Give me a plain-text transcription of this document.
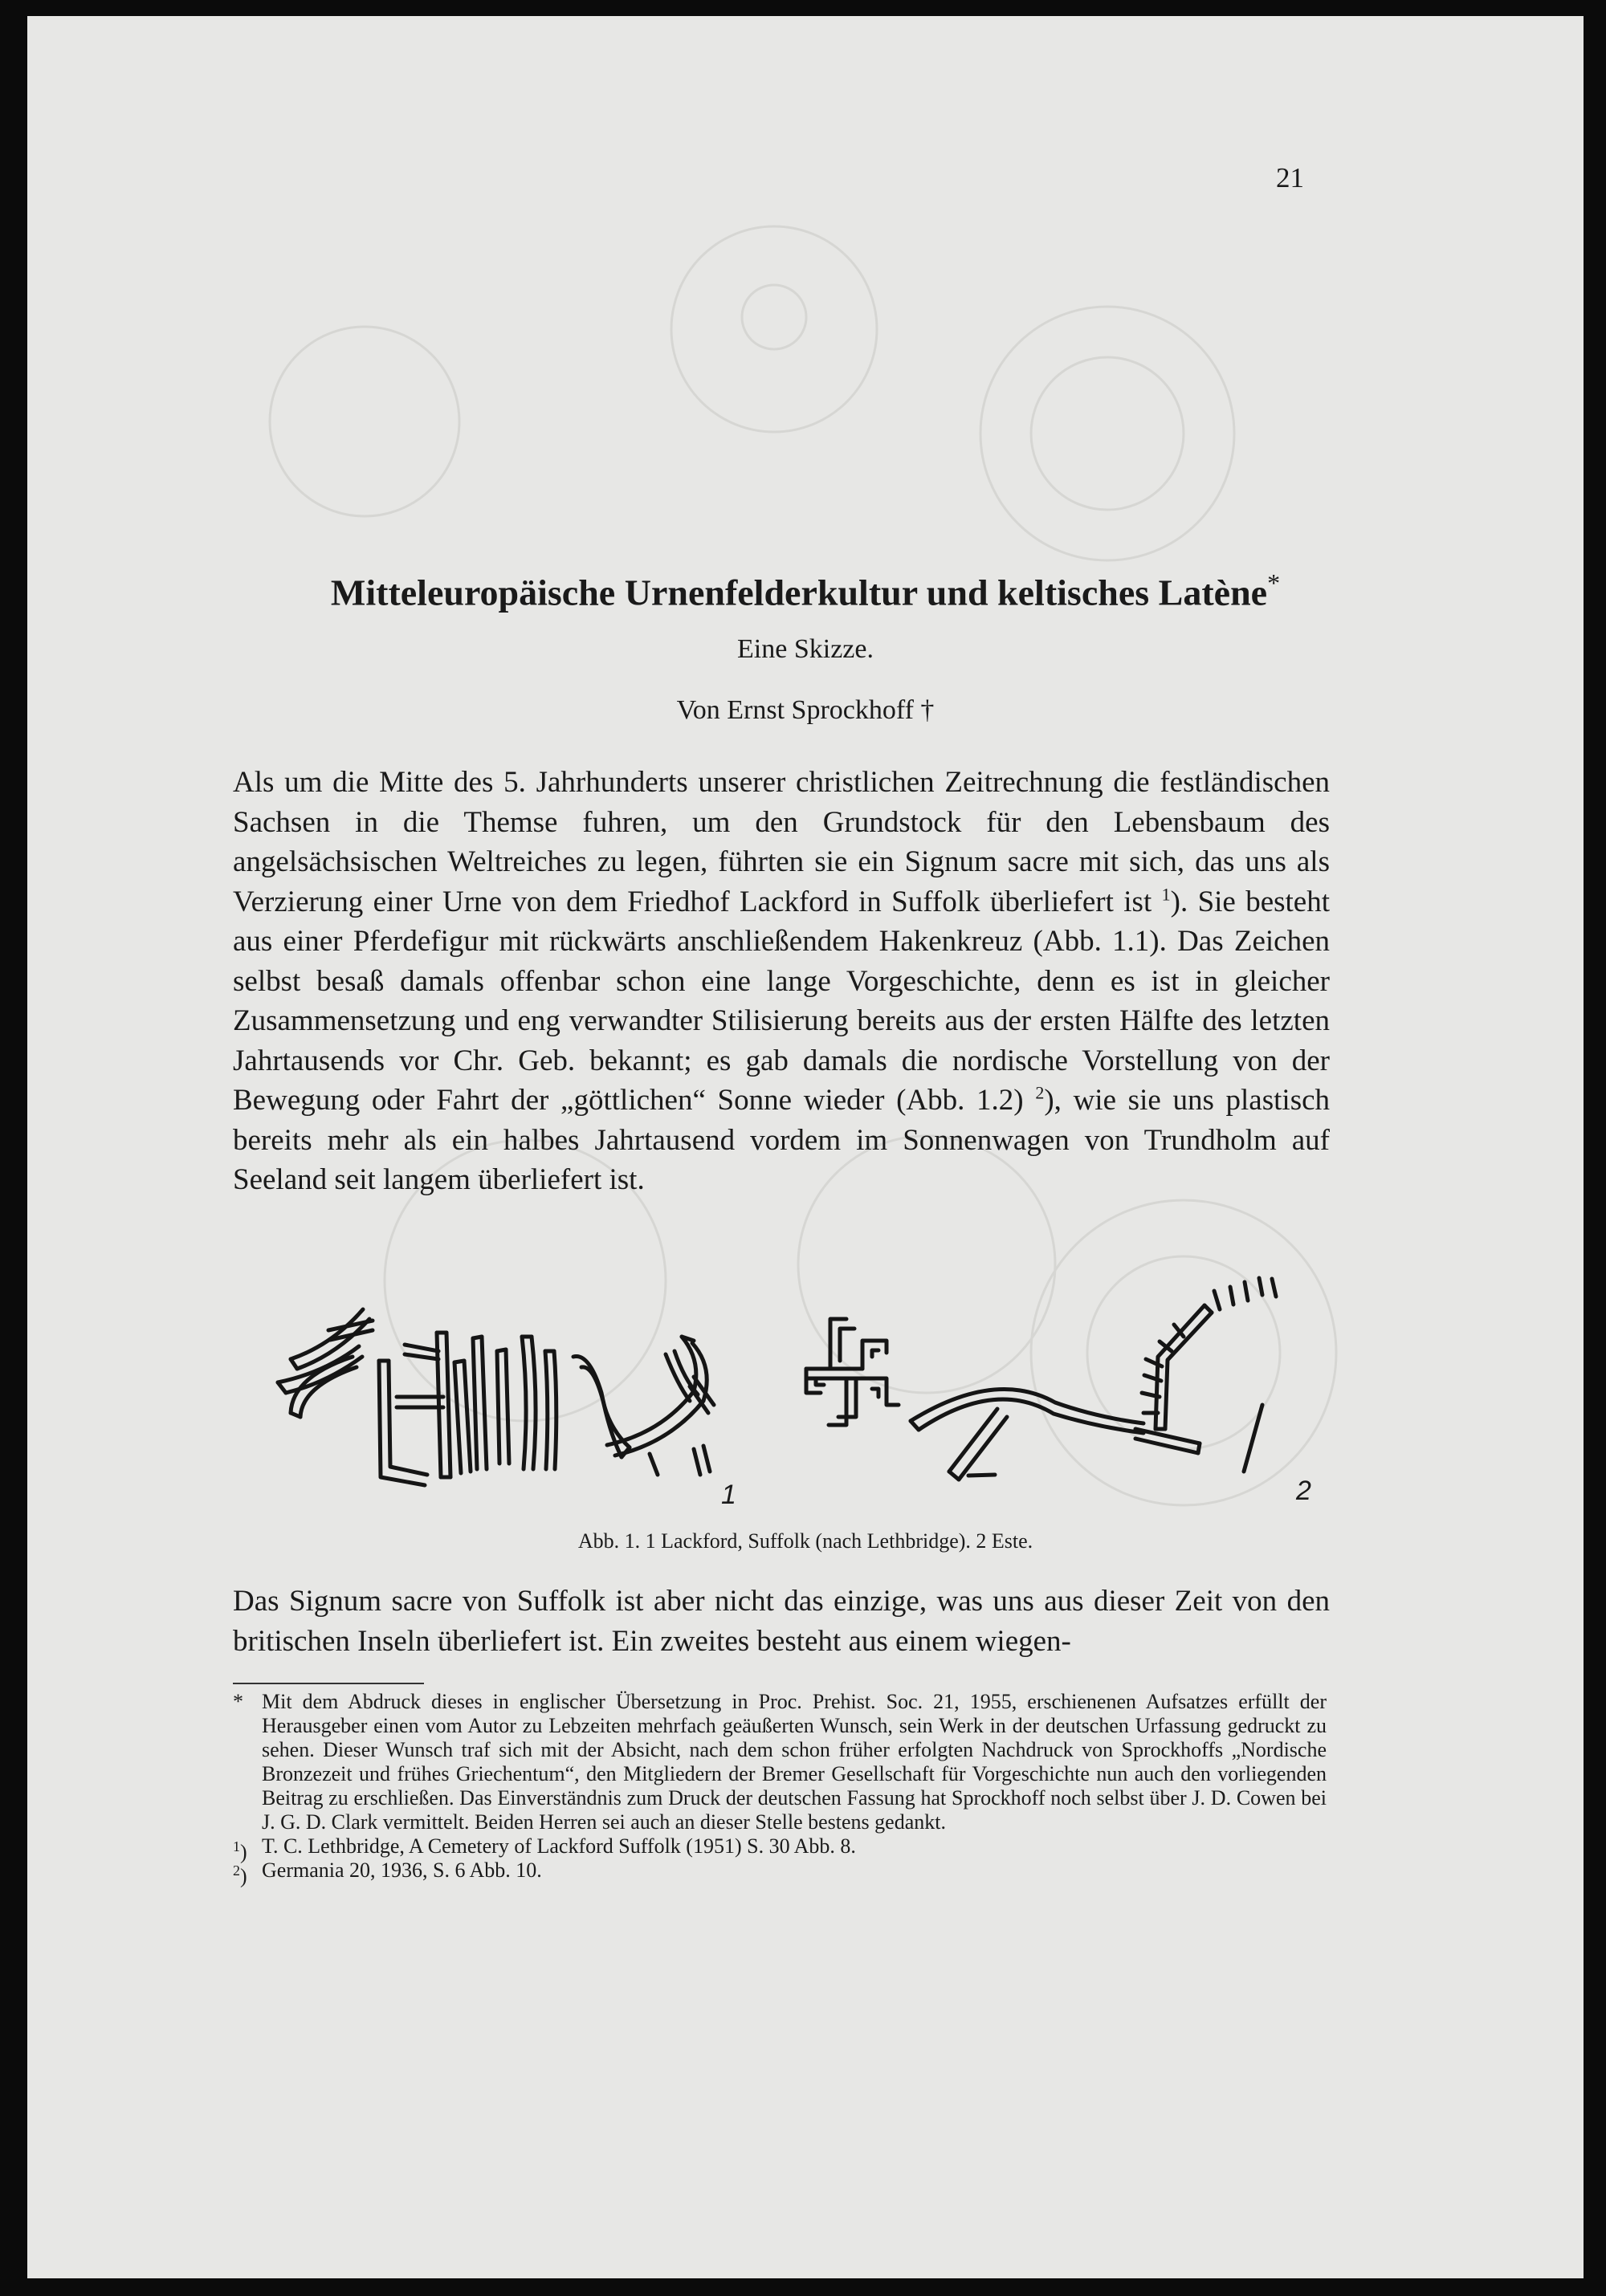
21
Mitteleuropäische Urnenfelderkultur und keltisches Latène*
Eine Skizze.
Von Ernst Sprockhoff †
Als um die Mitte des 5. Jahrhunderts unserer christlichen Zeitrechnung die festländischen Sachsen in die Themse fuhren, um den Grundstock für den Lebensbaum des angelsächsischen Weltreiches zu legen, führten sie ein Signum sacre mit sich, das uns als Verzierung einer Urne von dem Friedhof Lackford in Suffolk überliefert ist $^1$). Sie besteht aus einer Pferdefigur mit rückwärts anschließendem Hakenkreuz (Abb. 1.1). Das Zeichen selbst besaß damals offenbar schon eine lange Vorgeschichte, denn es ist in gleicher Zusammensetzung und eng verwandter Stilisierung bereits aus der ersten Hälfte des letzten Jahrtausends vor Chr. Geb. bekannt; es gab damals die nordische Vorstellung von der Bewegung oder Fahrt der „göttlichen“ Sonne wieder (Abb. 1.2) $^2$), wie sie uns plastisch bereits mehr als ein halbes Jahrtausend vordem im Sonnenwagen von Trundholm auf Seeland seit langem überliefert ist.
1	2
Abb. 1. 1 Lackford, Suffolk (nach Lethbridge). 2 Este.
Das Signum sacre von Suffolk ist aber nicht das einzige, was uns aus dieser Zeit von den britischen Inseln überliefert ist. Ein zweites besteht aus einem wiegen-
* Mit dem Abdruck dieses in englischer Übersetzung in Proc. Prehist. Soc. 21, 1955, erschienenen Aufsatzes erfüllt der Herausgeber einen vom Autor zu Lebzeiten mehrfach geäußerten Wunsch, sein Werk in der deutschen Urfassung gedruckt zu sehen. Dieser Wunsch traf sich mit der Absicht, nach dem schon früher erfolgten Nachdruck von Sprockhoffs „Nordische Bronzezeit und frühes Griechentum“, den Mitgliedern der Bremer Gesellschaft für Vorgeschichte nun auch den vorliegenden Beitrag zu erschließen. Das Einverständnis zum Druck der deutschen Fassung hat Sprockhoff noch selbst über J. D. Cowen bei J. G. D. Clark vermittelt. Beiden Herren sei auch an dieser Stelle bestens gedankt.
$^1$) T. C. Lethbridge, A Cemetery of Lackford Suffolk (1951) S. 30 Abb. 8.
$^2$) Germania 20, 1936, S. 6 Abb. 10.
